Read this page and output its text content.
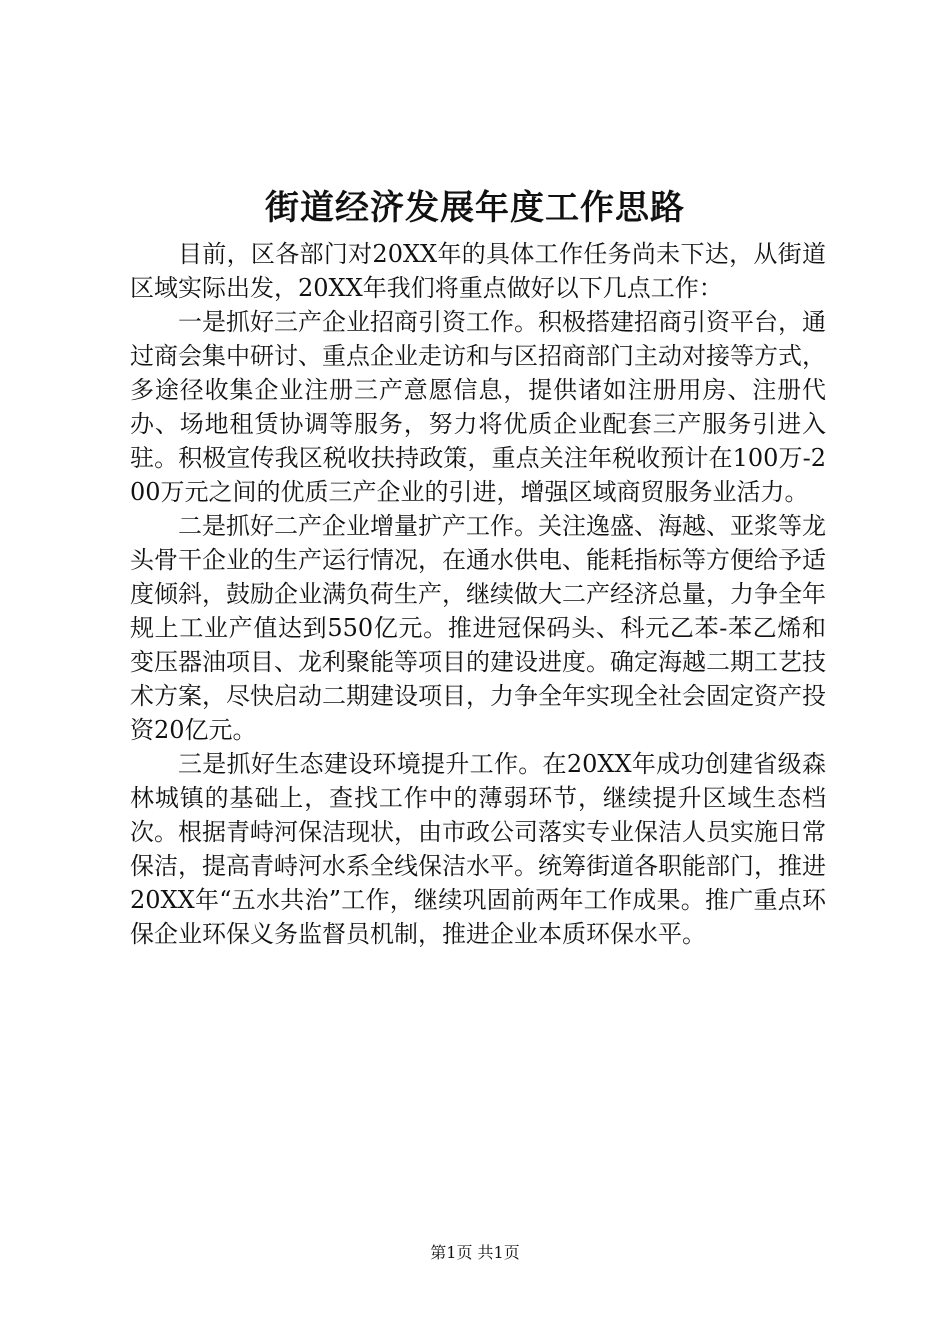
街道经济发展年度工作思路

目前，区各部门对20XX年的具体工作任务尚未下达，从街道区域实际出发，20XX年我们将重点做好以下几点工作：

一是抓好三产企业招商引资工作。积极搭建招商引资平台，通过商会集中研讨、重点企业走访和与区招商部门主动对接等方式，多途径收集企业注册三产意愿信息，提供诸如注册用房、注册代办、场地租赁协调等服务，努力将优质企业配套三产服务引进入驻。积极宣传我区税收扶持政策，重点关注年税收预计在100万-200万元之间的优质三产企业的引进，增强区域商贸服务业活力。

二是抓好二产企业增量扩产工作。关注逸盛、海越、亚浆等龙头骨干企业的生产运行情况，在通水供电、能耗指标等方便给予适度倾斜，鼓励企业满负荷生产，继续做大二产经济总量，力争全年规上工业产值达到550亿元。推进冠保码头、科元乙苯-苯乙烯和变压器油项目、龙利聚能等项目的建设进度。确定海越二期工艺技术方案，尽快启动二期建设项目，力争全年实现全社会固定资产投资20亿元。

三是抓好生态建设环境提升工作。在20XX年成功创建省级森林城镇的基础上，查找工作中的薄弱环节，继续提升区域生态档次。根据青峙河保洁现状，由市政公司落实专业保洁人员实施日常保洁，提高青峙河水系全线保洁水平。统筹街道各职能部门，推进20XX年“五水共治”工作，继续巩固前两年工作成果。推广重点环保企业环保义务监督员机制，推进企业本质环保水平。

第1页 共1页
